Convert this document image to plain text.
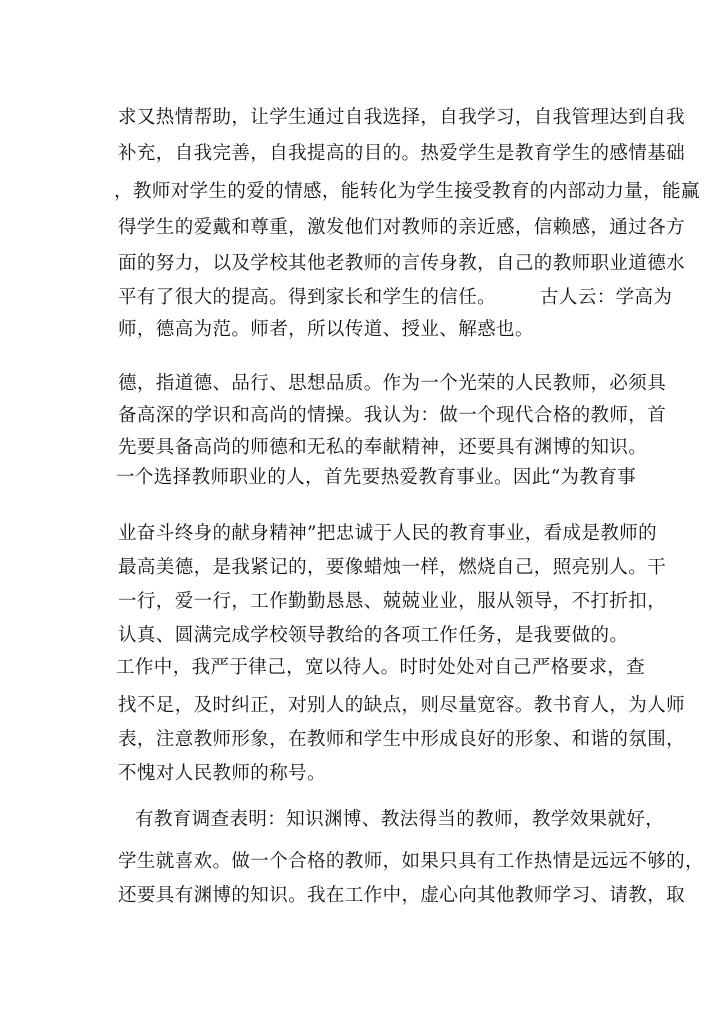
求又热情帮助，让学生通过自我选择，自我学习，自我管理达到自我
补充，自我完善，自我提高的目的。热爱学生是教育学生的感情基础
，教师对学生的爱的情感，能转化为学生接受教育的内部动力量，能赢
得学生的爱戴和尊重，激发他们对教师的亲近感，信赖感，通过各方
面的努力，以及学校其他老教师的言传身教，自己的教师职业道德水
平有了很大的提高。得到家长和学生的信任。 古人云：学高为
师，德高为范。师者，所以传道、授业、解惑也。
德，指道德、品行、思想品质。作为一个光荣的人民教师，必须具
备高深的学识和高尚的情操。我认为：做一个现代合格的教师，首
先要具备高尚的师德和无私的奉献精神，还要具有渊博的知识。
一个选择教师职业的人，首先要热爱教育事业。因此“为教育事
业奋斗终身的献身精神”把忠诚于人民的教育事业，看成是教师的
最高美德，是我紧记的，要像蜡烛一样，燃烧自己，照亮别人。干
一行，爱一行，工作勤勤恳恳、兢兢业业，服从领导，不打折扣，
认真、圆满完成学校领导教给的各项工作任务，是我要做的。
工作中，我严于律己，宽以待人。时时处处对自己严格要求，查
找不足，及时纠正，对别人的缺点，则尽量宽容。教书育人，为人师
表，注意教师形象，在教师和学生中形成良好的形象、和谐的氛围，
不愧对人民教师的称号。
有教育调查表明：知识渊博、教法得当的教师，教学效果就好，
学生就喜欢。做一个合格的教师，如果只具有工作热情是远远不够的，
还要具有渊博的知识。我在工作中，虚心向其他教师学习、请教，取
